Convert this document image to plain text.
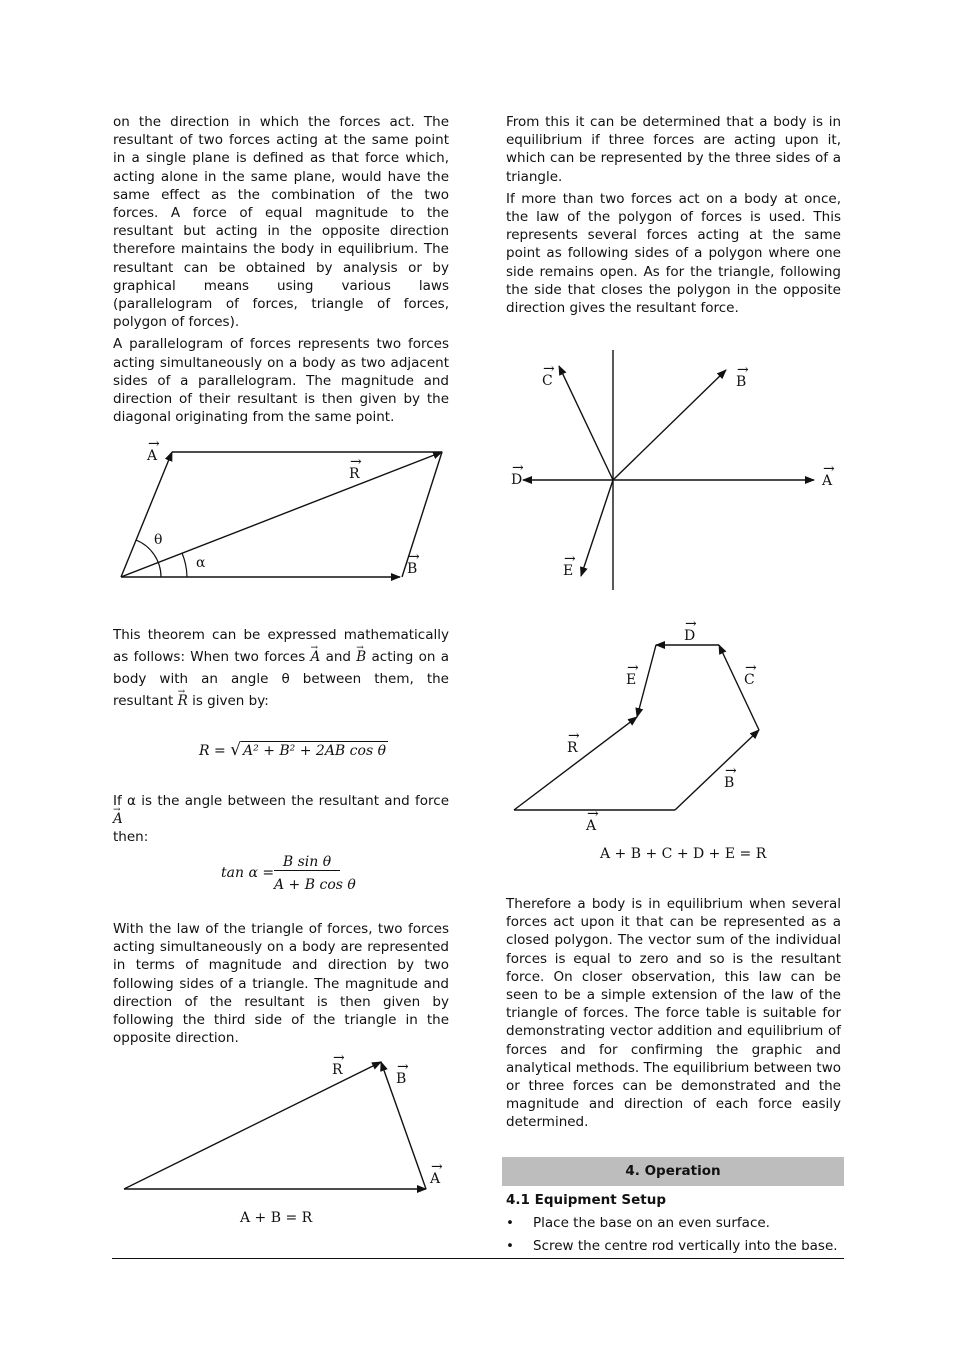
on the direction in which the forces act. The resultant of two forces acting at the same point in a single plane is defined as that force which, acting alone in the same plane, would have the same effect as the combination of the two forces. A force of equal magnitude to the resultant but acting in the opposite direction therefore maintains the body in equilibrium. The resultant can be obtained by analysis or by graphical means using various laws (parallelogram of forces, triangle of forces, polygon of forces).

A parallelogram of forces represents two forces acting simultaneously on a body as two adjacent sides of a parallelogram. The magnitude and direction of their resultant is then given by the diagonal originating from the same point.

A
→
R
→
θ
α	B
→
This theorem can be expressed mathematically as follows: When two forces → A and → B acting on a body with an angle θ between them, the resultant → R is given by:
R = √ A² + B² + 2AB cos θ
If α is the angle between the resultant and force → A
then:
tan α =
B sin θ
A + B cos θ

With the law of the triangle of forces, two forces acting simultaneously on a body are represented in terms of magnitude and direction by two following sides of a triangle. The magnitude and direction of the resultant is then given by following the third side of the triangle in the opposite direction.

R
→
B
→
A
→
A + B = R

From this it can be determined that a body is in equilibrium if three forces are acting upon it, which can be represented by the three sides of a triangle.

If more than two forces act on a body at once, the law of the polygon of forces is used. This represents several forces acting at the same point as following sides of a polygon where one side remains open. As for the triangle, following the side that closes the polygon in the opposite direction gives the resultant force.

C
→
B
→
D
→
A
→
E
→
D
→
E
→
C
→
R
→
B
→
A
→
A + B + C + D + E = R

Therefore a body is in equilibrium when several forces act upon it that can be represented as a closed polygon. The vector sum of the individual forces is equal to zero and so is the resultant force. On closer observation, this law can be seen to be a simple extension of the law of the triangle of forces. The force table is suitable for demonstrating vector addition and equilibrium of forces and for confirming the graphic and analytical methods. The equilibrium between two or three forces can be demonstrated and the magnitude and direction of each force easily determined.

4. Operation
4.1 Equipment Setup
• Place the base on an even surface.
• Screw the centre rod vertically into the base.
